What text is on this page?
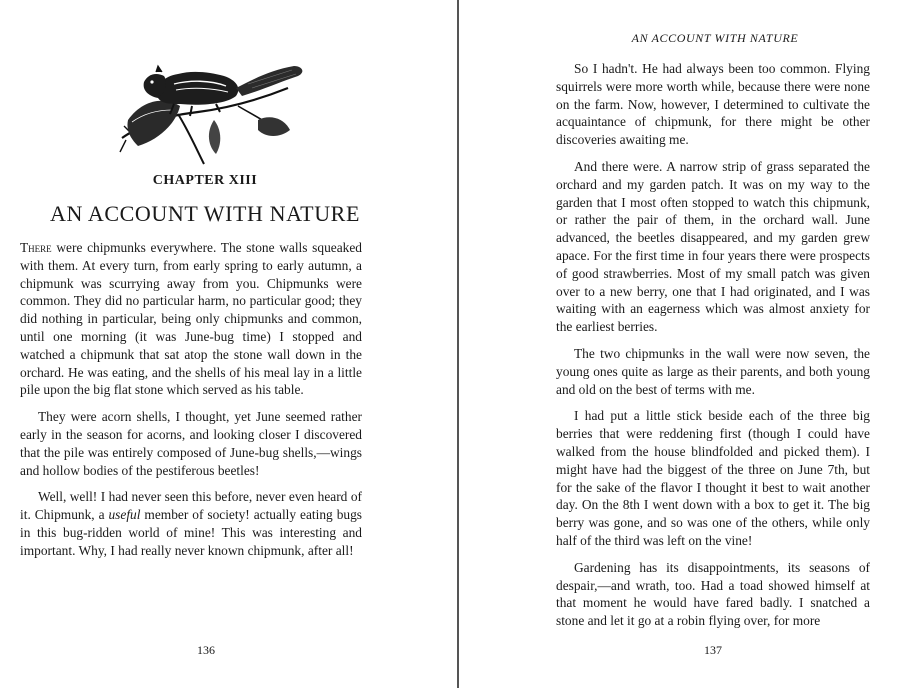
CHAPTER XIII
AN ACCOUNT WITH NATURE

There were chipmunks everywhere. The stone walls squeaked with them. At every turn, from early spring to early autumn, a chipmunk was scurrying away from you. Chipmunks were common. They did no particular harm, no particular good; they did nothing in particular, being only chipmunks and common, until one morning (it was June-bug time) I stopped and watched a chipmunk that sat atop the stone wall down in the orchard. He was eating, and the shells of his meal lay in a little pile upon the big flat stone which served as his table.

They were acorn shells, I thought, yet June seemed rather early in the season for acorns, and looking closer I discovered that the pile was entirely composed of June-bug shells,—wings and hollow bodies of the pestiferous beetles!

Well, well! I had never seen this before, never even heard of it. Chipmunk, a useful member of society! actually eating bugs in this bug-ridden world of mine! This was interesting and important. Why, I had really never known chipmunk, after all!

136
AN ACCOUNT WITH NATURE

So I hadn't. He had always been too common. Flying squirrels were more worth while, because there were none on the farm. Now, however, I determined to cultivate the acquaintance of chipmunk, for there might be other discoveries awaiting me.

And there were. A narrow strip of grass separated the orchard and my garden patch. It was on my way to the garden that I most often stopped to watch this chipmunk, or rather the pair of them, in the orchard wall. June advanced, the beetles disappeared, and my garden grew apace. For the first time in four years there were prospects of good strawberries. Most of my small patch was given over to a new berry, one that I had originated, and I was waiting with an eagerness which was almost anxiety for the earliest berries.

The two chipmunks in the wall were now seven, the young ones quite as large as their parents, and both young and old on the best of terms with me.

I had put a little stick beside each of the three big berries that were reddening first (though I could have walked from the house blindfolded and picked them). I might have had the biggest of the three on June 7th, but for the sake of the flavor I thought it best to wait another day. On the 8th I went down with a box to get it. The big berry was gone, and so was one of the others, while only half of the third was left on the vine!

Gardening has its disappointments, its seasons of despair,—and wrath, too. Had a toad showed himself at that moment he would have fared badly. I snatched a stone and let it go at a robin flying over, for more

137
